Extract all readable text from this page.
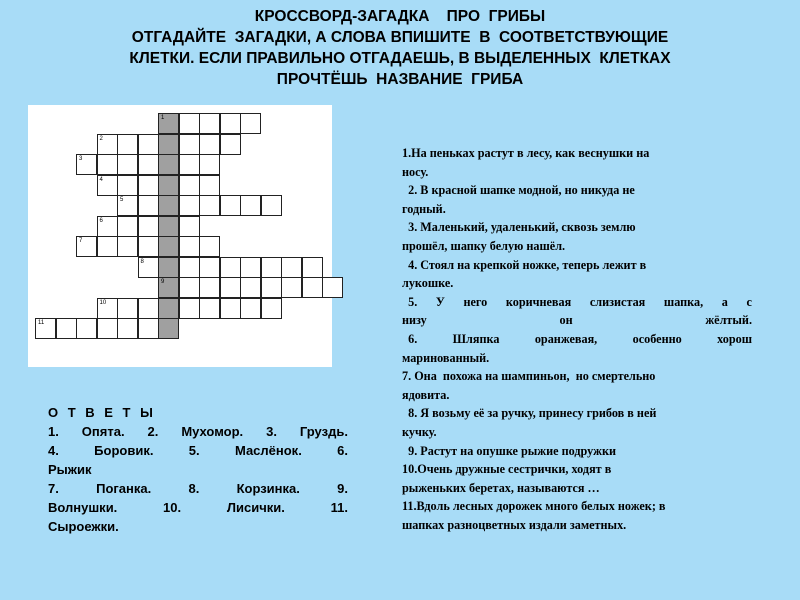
КРОССВОРД-ЗАГАДКА    ПРО  ГРИБЫ
ОТГАДАЙТЕ  ЗАГАДКИ, А СЛОВА ВПИШИТЕ  В  СООТВЕТСТВУЮЩИЕ
КЛЕТКИ. ЕСЛИ ПРАВИЛЬНО ОТГАДАЕШЬ, В ВЫДЕЛЕННЫХ  КЛЕТКАХ
ПРОЧТЁШЬ  НАЗВАНИЕ  ГРИБА
1
2
3
4
5
6
7
8
9
10
11
О Т В Е Т Ы
1. Опята. 2. Мухомор. 3. Груздь.
4.	Боровик.	5.	Маслёнок.	6.
Рыжик
7.	Поганка.	8.	Корзинка.	9.
Волнушки.	10.	Лисички.	11.
Сыроежки.
1.На пеньках растут в лесу, как веснушки на
носу.
2. В красной шапке модной, но никуда не
годный.
3. Маленький, удаленький, сквозь землю
прошёл, шапку белую нашёл.
4. Стоял на крепкой ножке, теперь лежит в
лукошке.
5. У него коричневая слизистая шапка, а с
низу	он	жёлтый.
6.	Шляпка	оранжевая,	особенно	хорош
маринованный.
7. Она  похожа на шампиньон,  но смертельно
ядовита.
8. Я возьму её за ручку, принесу грибов в ней
кучку.
9. Растут на опушке рыжие подружки
10.Очень дружные сестрички, ходят в
рыженьких беретах, называются …
11.Вдоль лесных дорожек много белых ножек; в
шапках разноцветных издали заметных.
